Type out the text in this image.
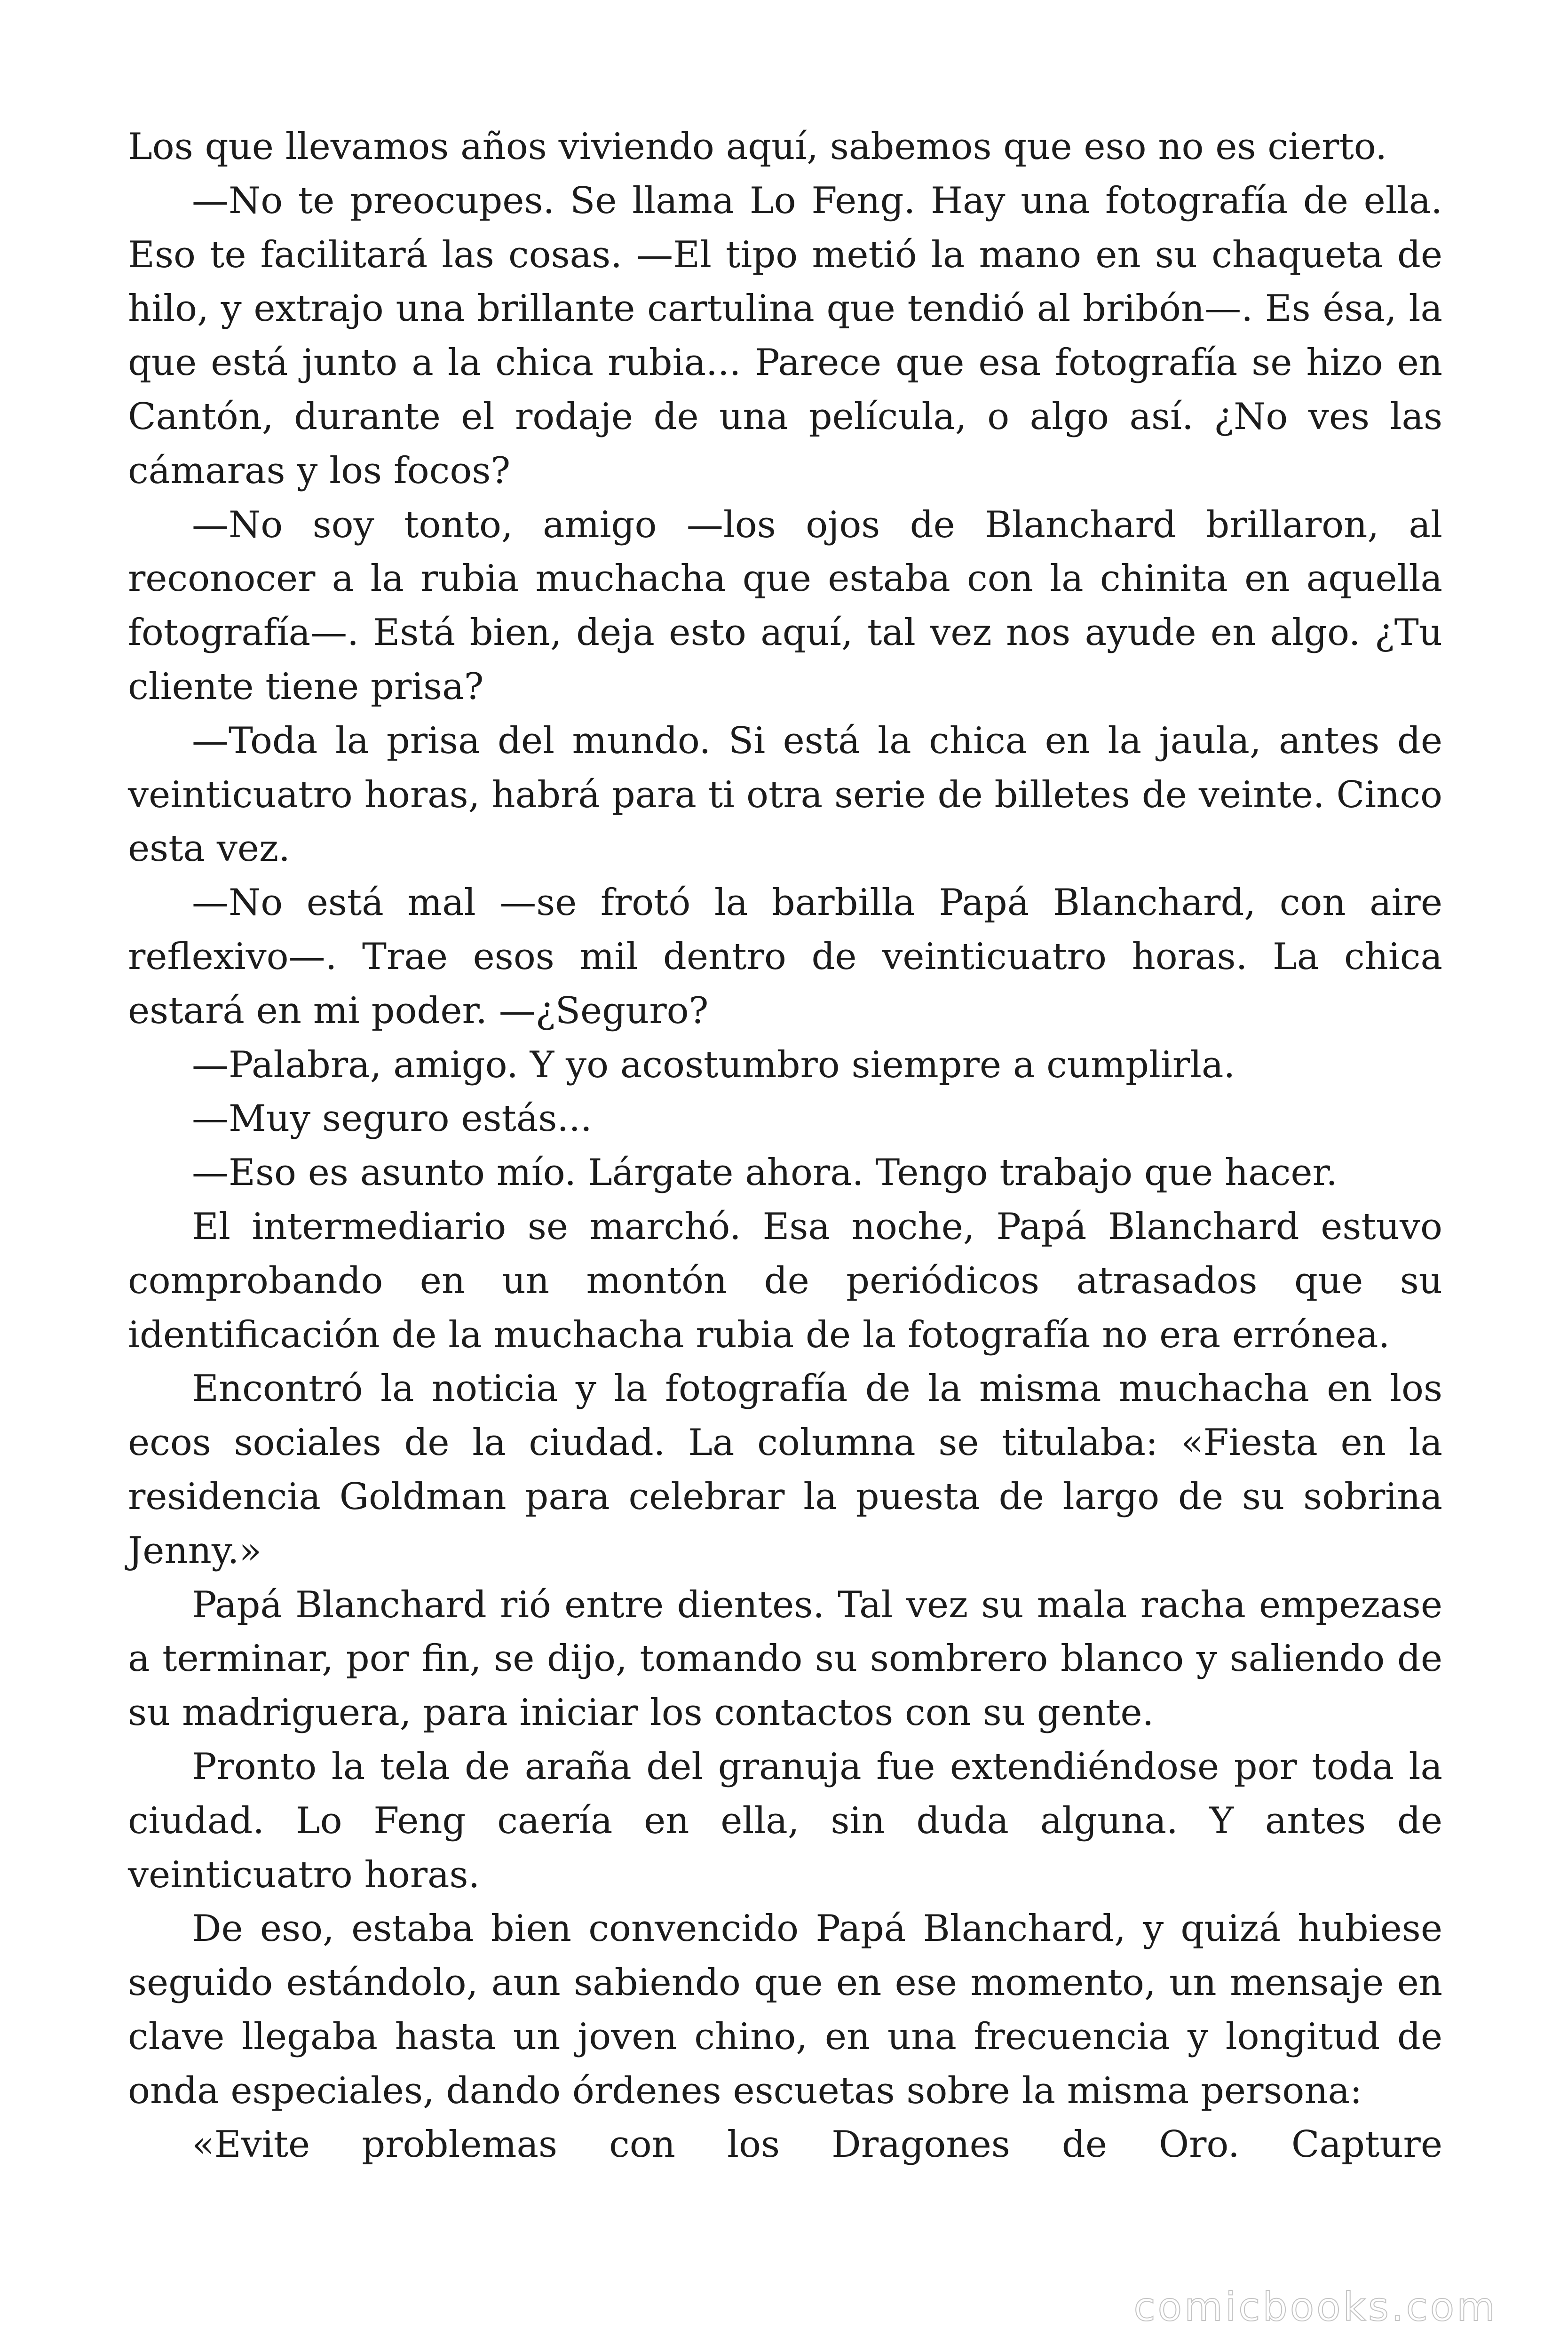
Los que llevamos años viviendo aquí, sabemos que eso no es cierto.

—No te preocupes. Se llama Lo Feng. Hay una fotografía de ella. Eso te facilitará las cosas. —El tipo metió la mano en su chaqueta de hilo, y extrajo una brillante cartulina que tendió al bribón—. Es ésa, la que está junto a la chica rubia... Parece que esa fotografía se hizo en Cantón, durante el rodaje de una película, o algo así. ¿No ves las cámaras y los focos?

—No soy tonto, amigo —los ojos de Blanchard brillaron, al reconocer a la rubia muchacha que estaba con la chinita en aquella fotografía—. Está bien, deja esto aquí, tal vez nos ayude en algo. ¿Tu cliente tiene prisa?

—Toda la prisa del mundo. Si está la chica en la jaula, antes de veinticuatro horas, habrá para ti otra serie de billetes de veinte. Cinco esta vez.

—No está mal —se frotó la barbilla Papá Blanchard, con aire reflexivo—. Trae esos mil dentro de veinticuatro horas. La chica estará en mi poder. —¿Seguro?

—Palabra, amigo. Y yo acostumbro siempre a cumplirla.

—Muy seguro estás...

—Eso es asunto mío. Lárgate ahora. Tengo trabajo que hacer.

El intermediario se marchó. Esa noche, Papá Blanchard estuvo comprobando en un montón de periódicos atrasados que su identificación de la muchacha rubia de la fotografía no era errónea.

Encontró la noticia y la fotografía de la misma muchacha en los ecos sociales de la ciudad. La columna se titulaba: «Fiesta en la residencia Goldman para celebrar la puesta de largo de su sobrina Jenny.»

Papá Blanchard rió entre dientes. Tal vez su mala racha empezase a terminar, por fin, se dijo, tomando su sombrero blanco y saliendo de su madriguera, para iniciar los contactos con su gente.

Pronto la tela de araña del granuja fue extendiéndose por toda la ciudad. Lo Feng caería en ella, sin duda alguna. Y antes de veinticuatro horas.

De eso, estaba bien convencido Papá Blanchard, y quizá hubiese seguido estándolo, aun sabiendo que en ese momento, un mensaje en clave llegaba hasta un joven chino, en una frecuencia y longitud de onda especiales, dando órdenes escuetas sobre la misma persona:

«Evite problemas con los Dragones de Oro. Capture

comicbooks.com
